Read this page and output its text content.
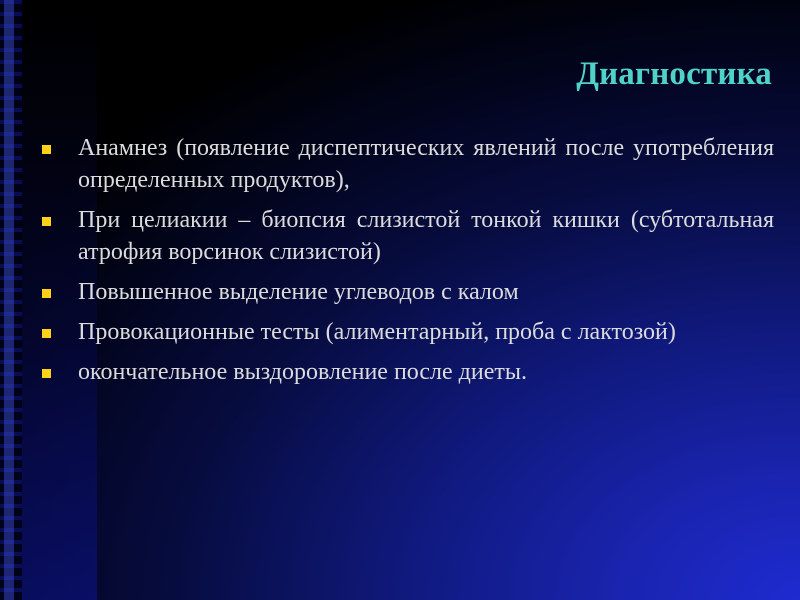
Диагностика
Анамнез (появление диспептических явлений после употребления определенных продуктов),
При целиакии – биопсия слизистой тонкой кишки (субтотальная атрофия ворсинок слизистой)
Повышенное выделение углеводов с калом
Провокационные тесты (алиментарный, проба с лактозой)
окончательное выздоровление после диеты.
